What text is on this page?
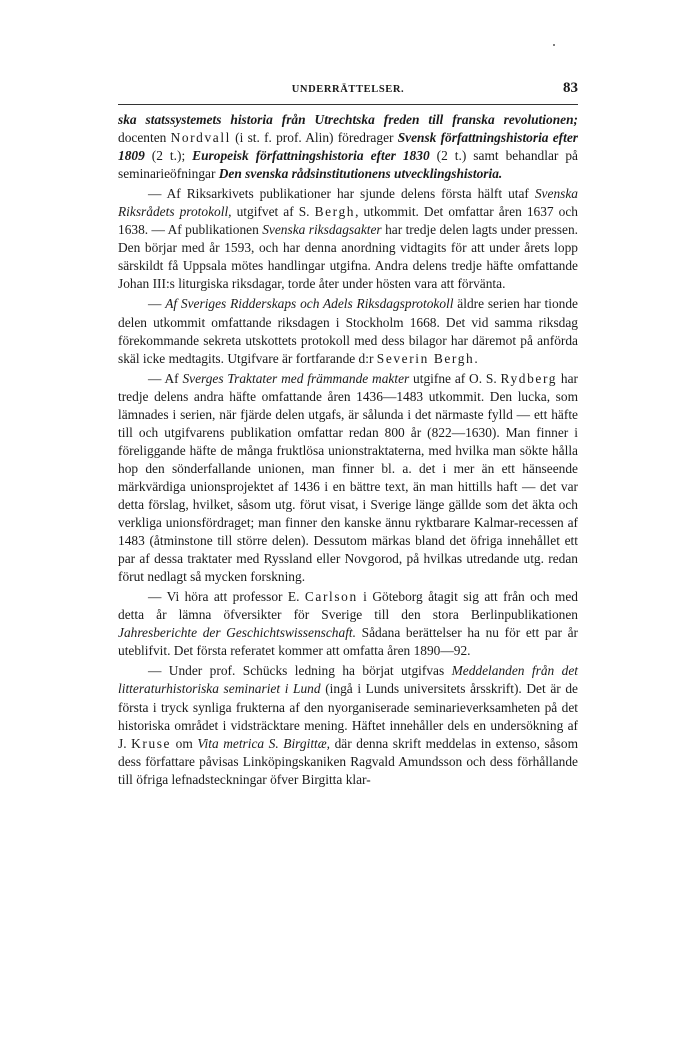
UNDERRÄTTELSER.	83

ska statssystemets historia från Utrechtska freden till franska revolutionen; docenten Nordvall (i st. f. prof. Alin) föredrager Svensk författningshistoria efter 1809 (2 t.); Europeisk författningshistoria efter 1830 (2 t.) samt behandlar på seminarieöfningar Den svenska rådsinstitutionens utvecklingshistoria.

— Af Riksarkivets publikationer har sjunde delens första hälft utaf Svenska Riksrådets protokoll, utgifvet af S. Bergh, utkommit. Det omfattar åren 1637 och 1638. — Af publikationen Svenska riksdagsakter har tredje delen lagts under pressen. Den börjar med år 1593, och har denna anordning vidtagits för att under årets lopp särskildt få Uppsala mötes handlingar utgifna. Andra delens tredje häfte omfattande Johan III:s liturgiska riksdagar, torde åter under hösten vara att förvänta.

— Af Sveriges Ridderskaps och Adels Riksdagsprotokoll äldre serien har tionde delen utkommit omfattande riksdagen i Stockholm 1668. Det vid samma riksdag förekommande sekreta utskottets protokoll med dess bilagor har däremot på anförda skäl icke medtagits. Utgifvare är fortfarande d:r Severin Bergh.

— Af Sverges Traktater med främmande makter utgifne af O. S. Rydberg har tredje delens andra häfte omfattande åren 1436—1483 utkommit. Den lucka, som lämnades i serien, när fjärde delen utgafs, är sålunda i det närmaste fylld — ett häfte till och utgifvarens publikation omfattar redan 800 år (822—1630). Man finner i föreliggande häfte de många fruktlösa unionstraktaterna, med hvilka man sökte hålla hop den sönderfallande unionen, man finner bl. a. det i mer än ett hänseende märkvärdiga unionsprojektet af 1436 i en bättre text, än man hittills haft — det var detta förslag, hvilket, såsom utg. förut visat, i Sverige länge gällde som det äkta och verkliga unionsfördraget; man finner den kanske ännu ryktbarare Kalmar-recessen af 1483 (åtminstone till större delen). Dessutom märkas bland det öfriga innehållet ett par af dessa traktater med Ryssland eller Novgorod, på hvilkas utredande utg. redan förut nedlagt så mycken forskning.

— Vi höra att professor E. Carlson i Göteborg åtagit sig att från och med detta år lämna öfversikter för Sverige till den stora Berlinpublikationen Jahresberichte der Geschichtswissenschaft. Sådana berättelser ha nu för ett par år uteblifvit. Det första referatet kommer att omfatta åren 1890—92.

— Under prof. Schücks ledning ha börjat utgifvas Meddelanden från det litteraturhistoriska seminariet i Lund (ingå i Lunds universitets årsskrift). Det är de första i tryck synliga frukterna af den nyorganiserade seminarieverksamheten på det historiska området i vidsträcktare mening. Häftet innehåller dels en undersökning af J. Kruse om Vita metrica S. Birgittæ, där denna skrift meddelas in extenso, såsom dess författare påvisas Linköpingskaniken Ragvald Amundsson och dess förhållande till öfriga lefnadsteckningar öfver Birgitta klar-
